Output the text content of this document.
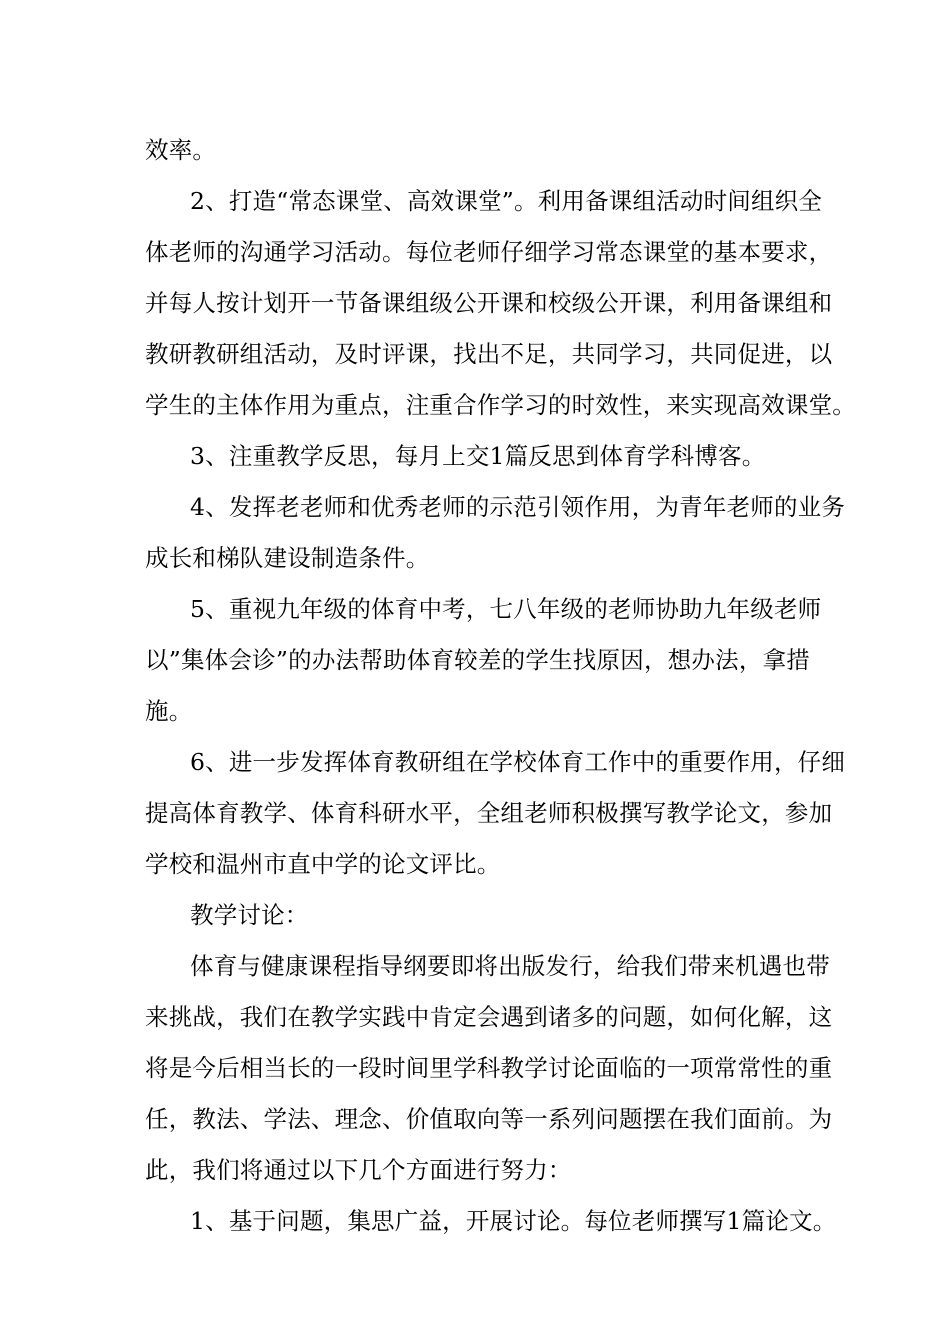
效率。
2、打造“常态课堂、高效课堂”。利用备课组活动时间组织全
体老师的沟通学习活动。每位老师仔细学习常态课堂的基本要求，
并每人按计划开一节备课组级公开课和校级公开课，利用备课组和
教研教研组活动，及时评课，找出不足，共同学习，共同促进，以
学生的主体作用为重点，注重合作学习的时效性，来实现高效课堂。
3、注重教学反思，每月上交1篇反思到体育学科博客。
4、发挥老老师和优秀老师的示范引领作用，为青年老师的业务
成长和梯队建设制造条件。
5、重视九年级的体育中考，七八年级的老师协助九年级老师
以”集体会诊”的办法帮助体育较差的学生找原因，想办法，拿措
施。
6、进一步发挥体育教研组在学校体育工作中的重要作用，仔细
提高体育教学、体育科研水平，全组老师积极撰写教学论文，参加
学校和温州市直中学的论文评比。
教学讨论：
体育与健康课程指导纲要即将出版发行，给我们带来机遇也带
来挑战，我们在教学实践中肯定会遇到诸多的问题，如何化解，这
将是今后相当长的一段时间里学科教学讨论面临的一项常常性的重
任，教法、学法、理念、价值取向等一系列问题摆在我们面前。为
此，我们将通过以下几个方面进行努力：
1、基于问题，集思广益，开展讨论。每位老师撰写1篇论文。
